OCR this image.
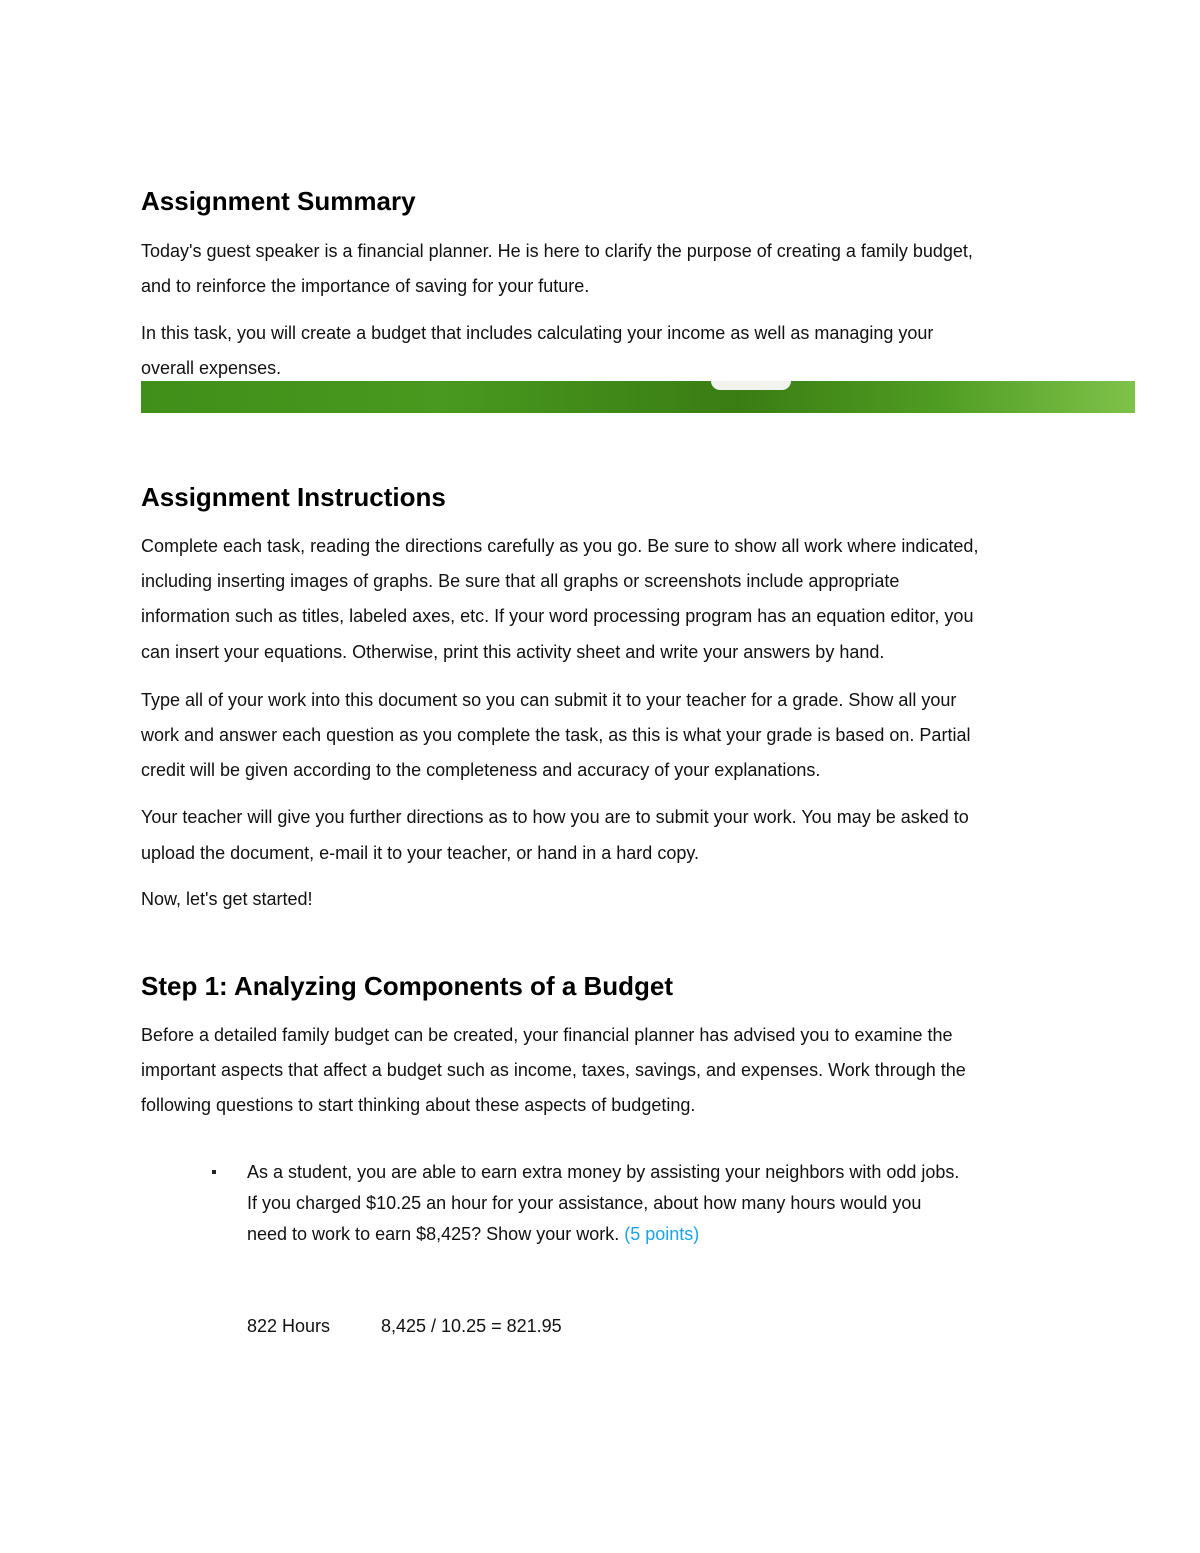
Assignment Summary
Today's guest speaker is a financial planner. He is here to clarify the purpose of creating a family budget,
and to reinforce the importance of saving for your future.
In this task, you will create a budget that includes calculating your income as well as managing your
overall expenses.
Assignment Instructions
Complete each task, reading the directions carefully as you go. Be sure to show all work where indicated,
including inserting images of graphs. Be sure that all graphs or screenshots include appropriate
information such as titles, labeled axes, etc. If your word processing program has an equation editor, you
can insert your equations. Otherwise, print this activity sheet and write your answers by hand.
Type all of your work into this document so you can submit it to your teacher for a grade. Show all your
work and answer each question as you complete the task, as this is what your grade is based on. Partial
credit will be given according to the completeness and accuracy of your explanations.
Your teacher will give you further directions as to how you are to submit your work. You may be asked to
upload the document, e-mail it to your teacher, or hand in a hard copy.
Now, let's get started!
Step 1: Analyzing Components of a Budget
Before a detailed family budget can be created, your financial planner has advised you to examine the
important aspects that affect a budget such as income, taxes, savings, and expenses. Work through the
following questions to start thinking about these aspects of budgeting.
As a student, you are able to earn extra money by assisting your neighbors with odd jobs.
If you charged $10.25 an hour for your assistance, about how many hours would you
need to work to earn $8,425? Show your work. (5 points)
822 Hours	8,425 / 10.25 = 821.95
